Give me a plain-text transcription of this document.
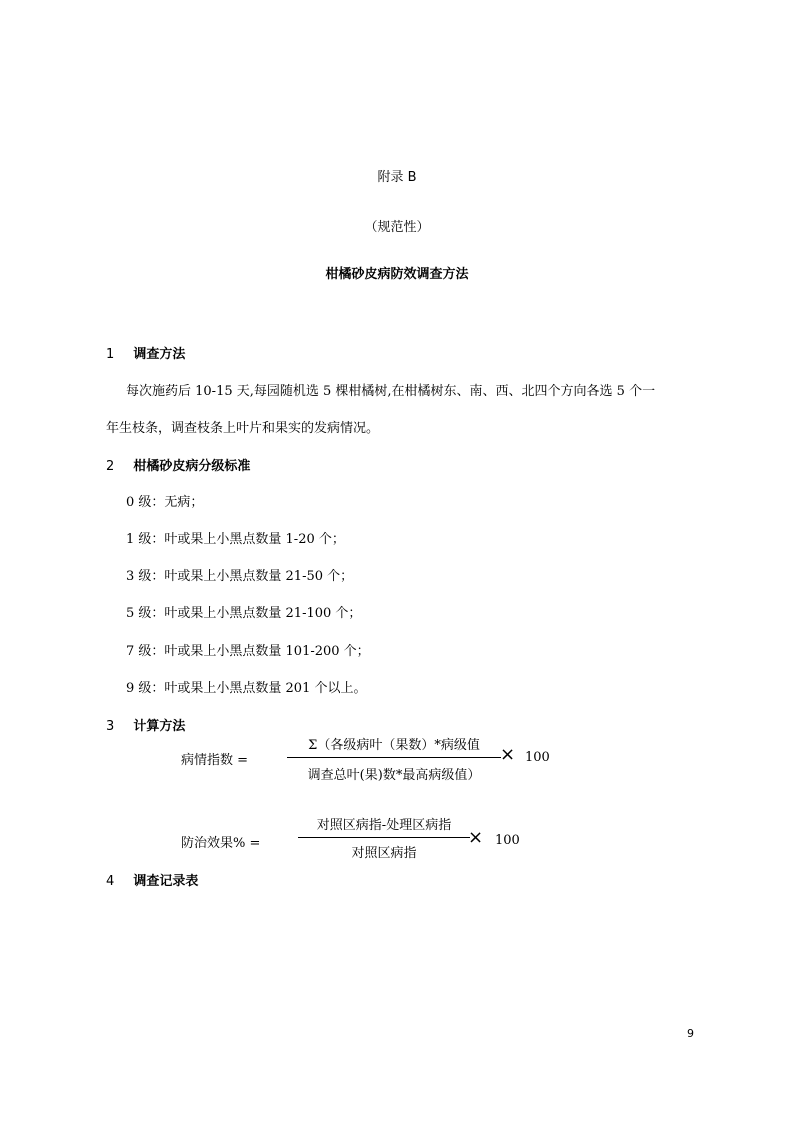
附录 B
（规范性）
柑橘砂皮病防效调查方法
1 调查方法
每次施药后 10-15 天,每园随机选 5 棵柑橘树,在柑橘树东、南、西、北四个方向各选 5 个一
年生枝条，调查枝条上叶片和果实的发病情况。
2 柑橘砂皮病分级标准
0 级：无病；
1 级：叶或果上小黑点数量 1-20 个；
3 级：叶或果上小黑点数量 21-50 个；
5 级：叶或果上小黑点数量 21-100 个；
7 级：叶或果上小黑点数量 101-200 个；
9 级：叶或果上小黑点数量 201 个以上。
3 计算方法
病情指数 =
Σ（各级病叶（果数）*病级值
调查总叶(果)数*最高病级值）
× 100
防治效果% =
对照区病指-处理区病指
对照区病指
× 100
4 调查记录表
9
